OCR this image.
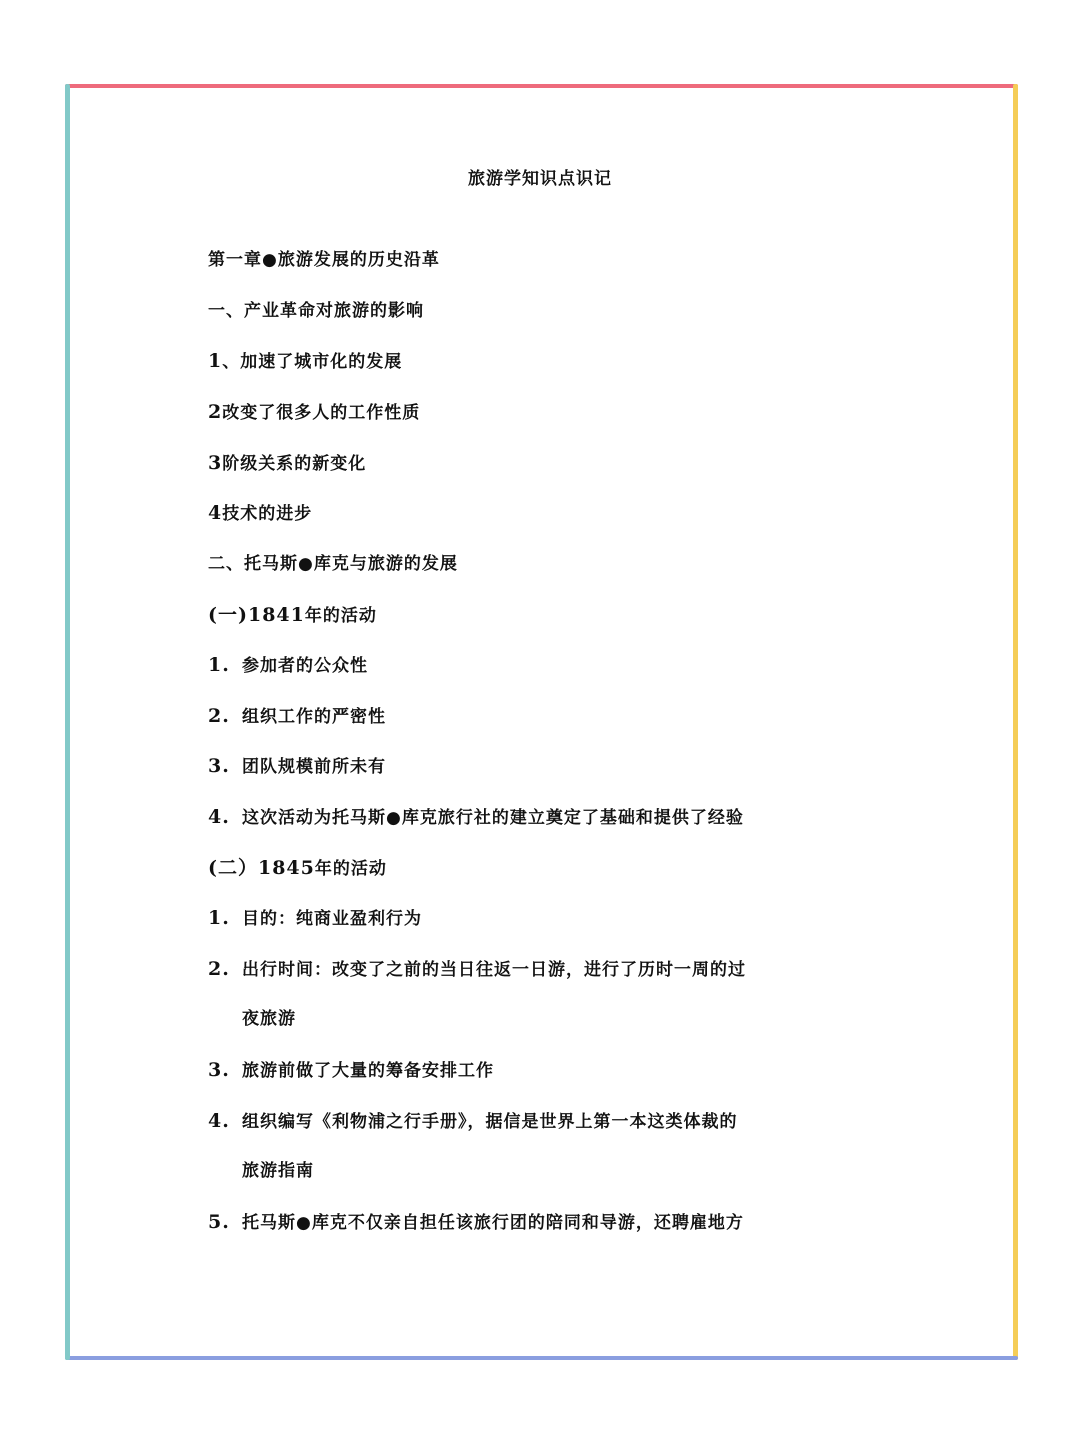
旅游学知识点识记
第一章●旅游发展的历史沿革
一、产业革命对旅游的影响
1、加速了城市化的发展
2改变了很多人的工作性质
3阶级关系的新变化
4技术的进步
二、托马斯●库克与旅游的发展
(一)1841年的活动
1. 参加者的公众性
2. 组织工作的严密性
3. 团队规模前所未有
4. 这次活动为托马斯●库克旅行社的建立奠定了基础和提供了经验
(二）1845年的活动
1. 目的：纯商业盈利行为
2. 出行时间：改变了之前的当日往返一日游，进行了历时一周的过
夜旅游
3. 旅游前做了大量的筹备安排工作
4. 组织编写《利物浦之行手册》，据信是世界上第一本这类体裁的
旅游指南
5. 托马斯●库克不仅亲自担任该旅行团的陪同和导游，还聘雇地方
